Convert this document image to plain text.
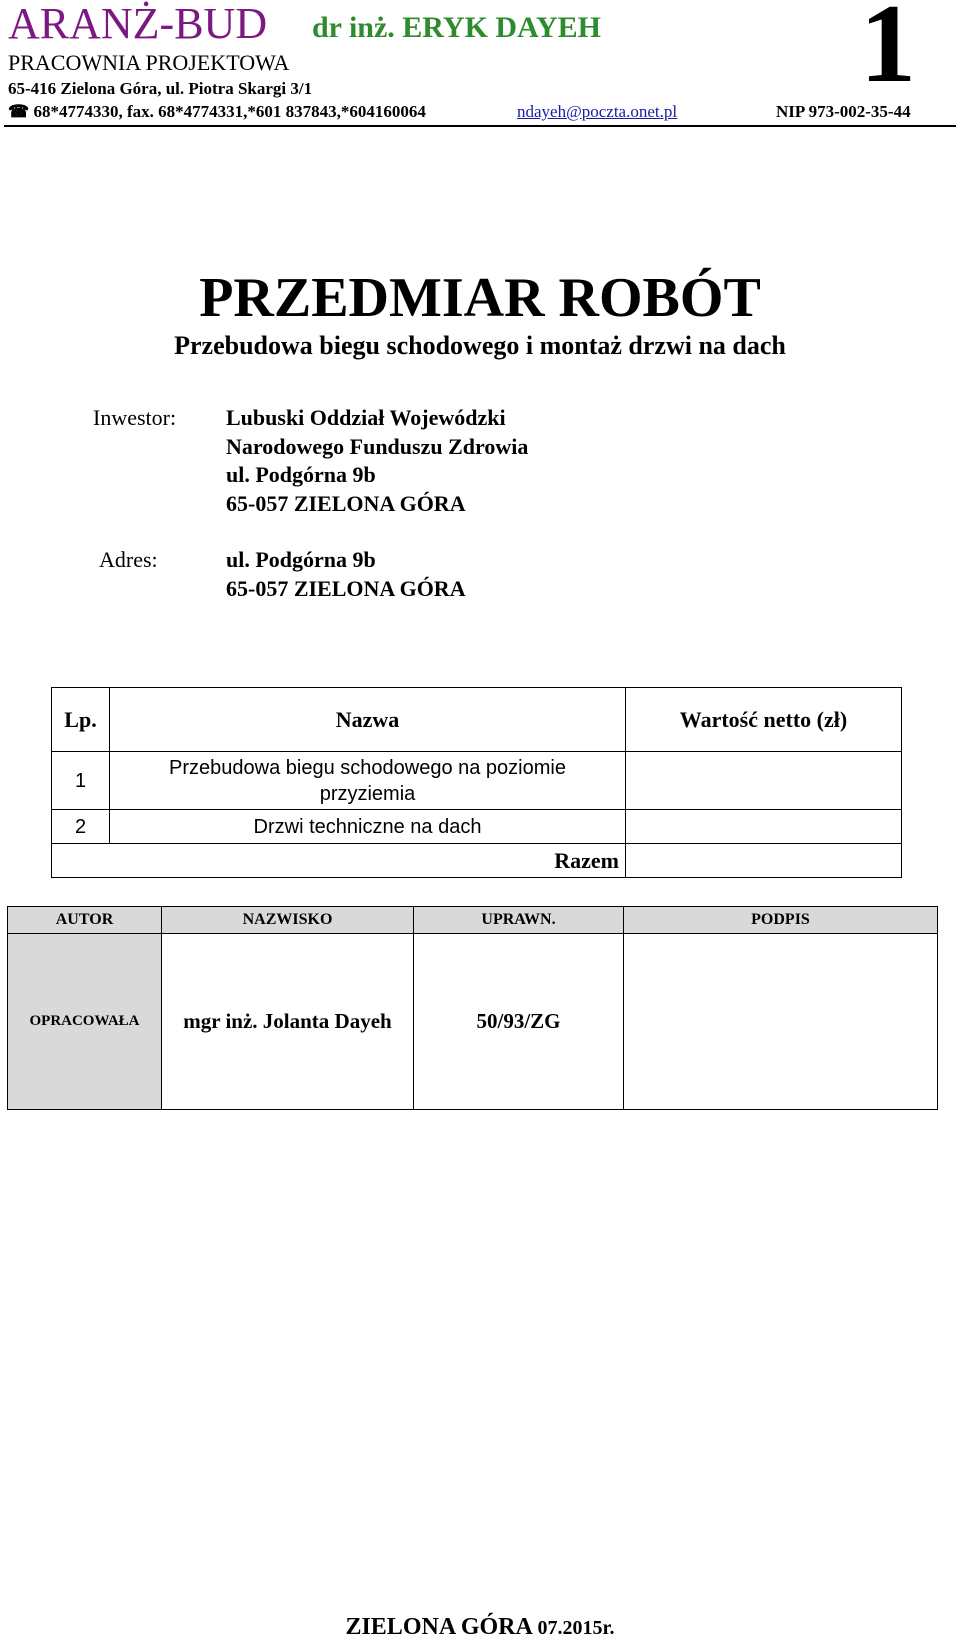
ARANŻ-BUD dr inż. ERYK DAYEH
PRACOWNIA PROJEKTOWA
65-416 Zielona Góra, ul. Piotra Skargi 3/1
☎ 68*4774330, fax. 68*4774331,*601 837843,*604160064	ndayeh@poczta.onet.pl	NIP 973-002-35-44
1
PRZEDMIAR ROBÓT
Przebudowa biegu schodowego i montaż drzwi na dach
Inwestor: Lubuski Oddział Wojewódzki
Narodowego Funduszu Zdrowia
ul. Podgórna 9b
65-057 ZIELONA GÓRA
Adres:	ul. Podgórna 9b
65-057 ZIELONA GÓRA
Lp.	Nazwa	Wartość netto (zł)
1	Przebudowa biegu schodowego na poziomie
przyziemia	

2	Drzwi techniczne na dach	
Razem		
AUTOR	NAZWISKO	UPRAWN.	PODPIS
OPRACOWAŁA	mgr inż. Jolanta Dayeh	50/93/ZG	
ZIELONA GÓRA 07.2015r.
